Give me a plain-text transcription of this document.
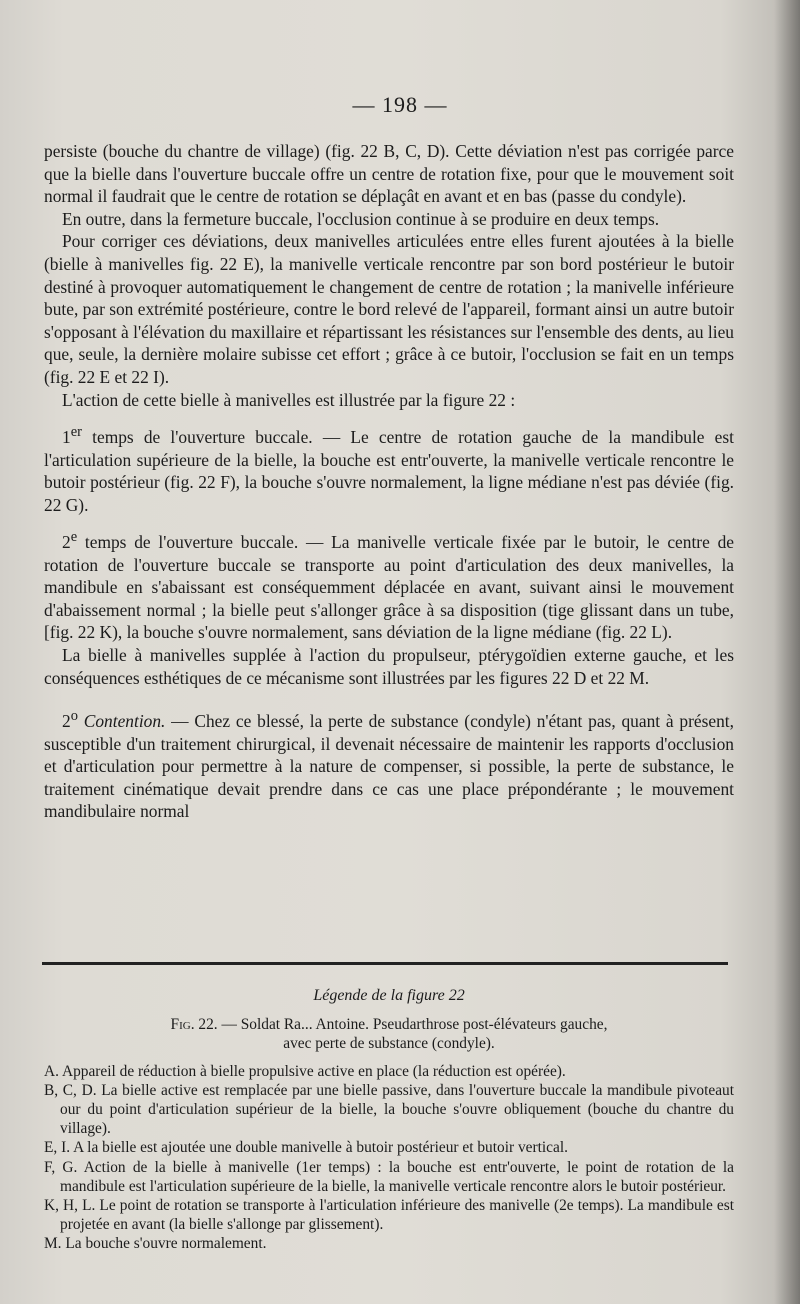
— 198 —

persiste (bouche du chantre de village) (fig. 22 B, C, D). Cette déviation n'est pas corrigée parce que la bielle dans l'ouverture buccale offre un centre de rotation fixe, pour que le mouvement soit normal il faudrait que le centre de rotation se déplaçât en avant et en bas (passe du condyle).

En outre, dans la fermeture buccale, l'occlusion continue à se produire en deux temps.

Pour corriger ces déviations, deux manivelles articulées entre elles furent ajoutées à la bielle (bielle à manivelles fig. 22 E), la manivelle verticale rencontre par son bord postérieur le butoir destiné à provoquer automatiquement le changement de centre de rotation ; la manivelle inférieure bute, par son extrémité postérieure, contre le bord relevé de l'appareil, formant ainsi un autre butoir s'opposant à l'élévation du maxillaire et répartissant les résistances sur l'ensemble des dents, au lieu que, seule, la dernière molaire subisse cet effort ; grâce à ce butoir, l'occlusion se fait en un temps (fig. 22 E et 22 I).

L'action de cette bielle à manivelles est illustrée par la figure 22 :

1er temps de l'ouverture buccale. — Le centre de rotation gauche de la mandibule est l'articulation supérieure de la bielle, la bouche est entr'ouverte, la manivelle verticale rencontre le butoir postérieur (fig. 22 F), la bouche s'ouvre normalement, la ligne médiane n'est pas déviée (fig. 22 G).

2e temps de l'ouverture buccale. — La manivelle verticale fixée par le butoir, le centre de rotation de l'ouverture buccale se transporte au point d'articulation des deux manivelles, la mandibule en s'abaissant est conséquemment déplacée en avant, suivant ainsi le mouvement d'abaissement normal ; la bielle peut s'allonger grâce à sa disposition (tige glissant dans un tube, [fig. 22 K), la bouche s'ouvre normalement, sans déviation de la ligne médiane (fig. 22 L).

La bielle à manivelles supplée à l'action du propulseur, ptérygoïdien externe gauche, et les conséquences esthétiques de ce mécanisme sont illustrées par les figures 22 D et 22 M.

2$^o$ Contention. — Chez ce blessé, la perte de substance (condyle) n'étant pas, quant à présent, susceptible d'un traitement chirurgical, il devenait nécessaire de maintenir les rapports d'occlusion et d'articulation pour permettre à la nature de compenser, si possible, la perte de substance, le traitement cinématique devait prendre dans ce cas une place prépondérante ; le mouvement mandibulaire normal

Légende de la figure 22

Fig. 22. — Soldat Ra... Antoine. Pseudarthrose post-élévateurs gauche,
avec perte de substance (condyle).

A. Appareil de réduction à bielle propulsive active en place (la réduction est opérée).
B, C, D. La bielle active est remplacée par une bielle passive, dans l'ouverture buccale la mandibule pivoteaut our du point d'articulation supérieur de la bielle, la bouche s'ouvre obliquement (bouche du chantre du village).
E, I. A la bielle est ajoutée une double manivelle à butoir postérieur et butoir vertical.
F, G. Action de la bielle à manivelle (1er temps) : la bouche est entr'ouverte, le point de rotation de la mandibule est l'articulation supérieure de la bielle, la manivelle verticale rencontre alors le butoir postérieur.
K, H, L. Le point de rotation se transporte à l'articulation inférieure des manivelle (2e temps). La mandibule est projetée en avant (la bielle s'allonge par glissement).
M. La bouche s'ouvre normalement.
